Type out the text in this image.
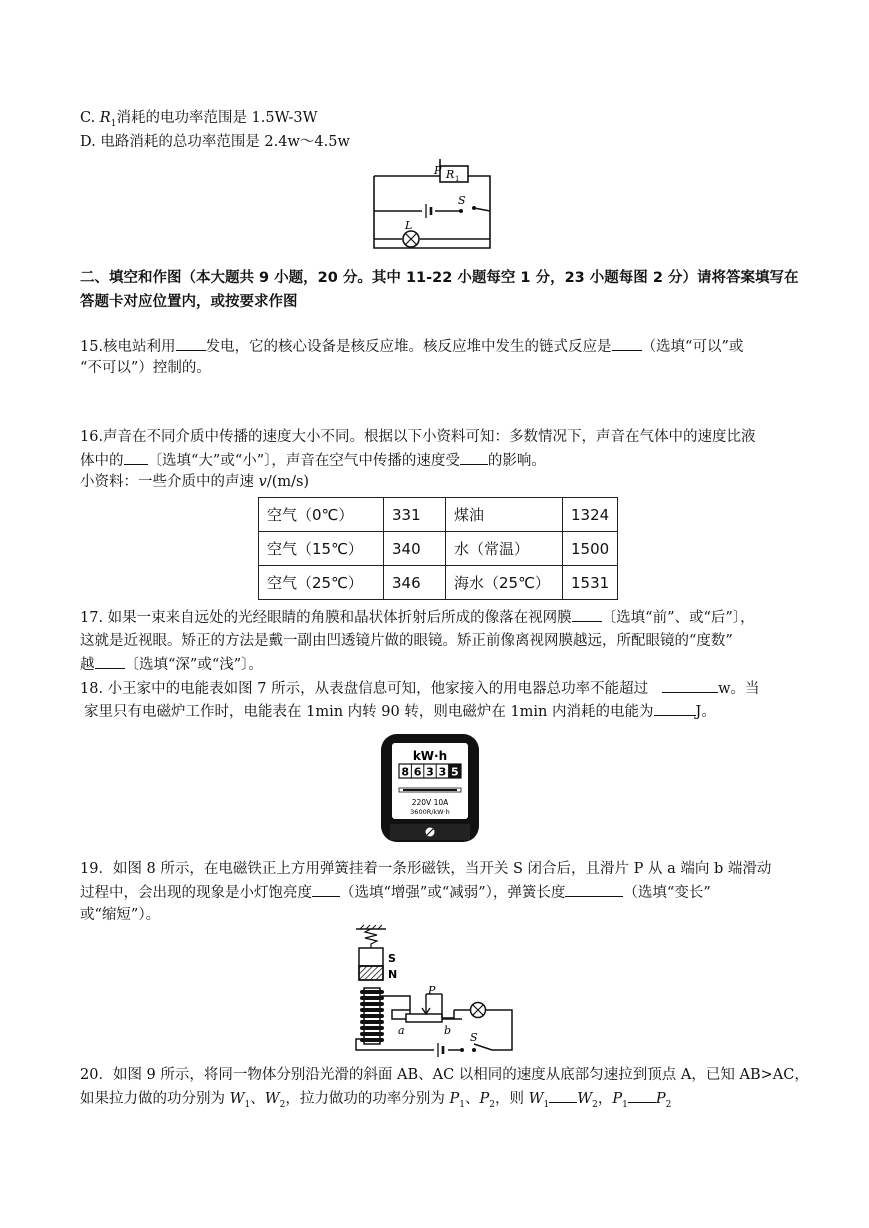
C. $R_1$消耗的电功率范围是 1.5W-3W
D. 电路消耗的总功率范围是 2.4w～4.5w
P R 1
S
L
二、填空和作图（本大题共 9 小题，20 分。其中 11-22 小题每空 1 分，23 小题每图 2 分）请将答案填写在
答题卡对应位置内，或按要求作图
15.核电站利用 发电，它的核心设备是核反应堆。核反应堆中发生的链式反应是 （选填“可以”或
“不可以”）控制的。
16.声音在不同介质中传播的速度大小不同。根据以下小资料可知：多数情况下，声音在气体中的速度比液
体中的 〔选填“大”或“小”〕，声音在空气中传播的速度受 的影响。
小资料：一些介质中的声速 v/(m/s)
空气（0℃）	331	煤油	1324
空气（15℃）	340	水（常温）	1500
空气（25℃）	346	海水（25℃）	1531
17. 如果一束来自远处的光经眼睛的角膜和晶状体折射后所成的像落在视网膜 〔选填“前”、或“后”〕，
这就是近视眼。矫正的方法是戴一副由凹透镜片做的眼镜。矫正前像离视网膜越远，所配眼镜的“度数”
越 〔选填“深”或“浅”〕。
18. 小王家中的电能表如图 7 所示，从表盘信息可知，他家接入的用电器总功率不能超过	w。当
家里只有电磁炉工作时，电能表在 1min 内转 90 转，则电磁炉在 1min 内消耗的电能为	J。
kW·h
8 6 3 3 5
220V 10A
3600R/kW·h
19．如图 8 所示，在电磁铁正上方用弹簧挂着一条形磁铁，当开关 S 闭合后，且滑片 P 从 a 端向 b 端滑动
过程中，会出现的现象是小灯饱亮度 （选填“增强”或“减弱”），弹簧长度	（选填“变长”
或“缩短”）。
S
N
P
a	b
S
20．如图 9 所示，将同一物体分别沿光滑的斜面 AB、AC 以相同的速度从底部匀速拉到顶点 A，已知 AB>AC，
如果拉力做的功分别为 $W_1$、$W_2$，拉力做功的功率分别为 $P_1$、$P_2$，则 $W_1$ $W_2$，$P_1$ $P_2$
